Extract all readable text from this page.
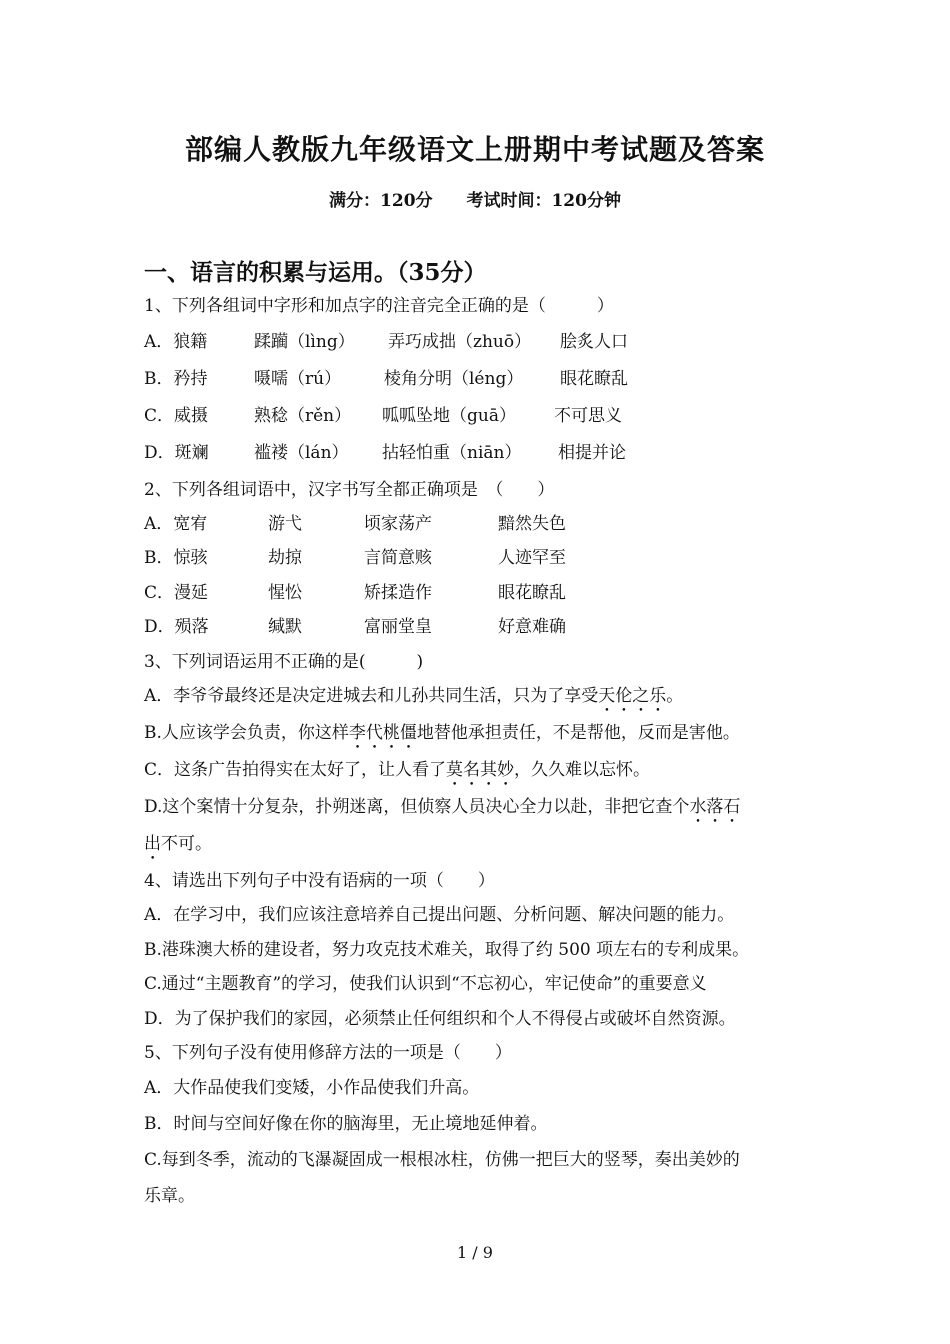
部编人教版九年级语文上册期中考试题及答案
满分：120分 考试时间：120分钟
一、语言的积累与运用。（35分）
1、下列各组词中字形和加点字的注音完全正确的是（　　　）
A．狼籍	蹂躏（lìng） 弄巧成拙（zhuō） 脍炙人口
B．矜持	嗫嚅（rú）	棱角分明（léng） 眼花瞭乱
C．威摄	熟稔（rěn） 呱呱坠地（guā） 不可思义
D．斑斓	褴褛（lán） 拈轻怕重（niān） 相提并论
2、下列各组词语中，汉字书写全都正确项是　（　　）
A．宽宥	游弋	顷家荡产	黯然失色
B．惊骇	劫掠	言简意赅	人迹罕至
C．漫延	惺忪	矫揉造作	眼花瞭乱
D．殒落	缄默	富丽堂皇	好意难确
3、下列词语运用不正确的是(　　　)
A．李爷爷最终还是决定进城去和儿孙共同生活，只为了享受天伦之乐。
B.人应该学会负责，你这样李代桃僵地替他承担责任，不是帮他，反而是害他。
C．这条广告拍得实在太好了，让人看了莫名其妙，久久难以忘怀。
D.这个案情十分复杂，扑朔迷离，但侦察人员决心全力以赴，非把它查个水落石
出不可。
4、请选出下列句子中没有语病的一项（　　）
A．在学习中，我们应该注意培养自己提出问题、分析问题、解决问题的能力。
B.港珠澳大桥的建设者，努力攻克技术难关，取得了约 500 项左右的专利成果。
C.通过“主题教育”的学习，使我们认识到“不忘初心，牢记使命”的重要意义
D．为了保护我们的家园，必须禁止任何组织和个人不得侵占或破坏自然资源。
5、下列句子没有使用修辞方法的一项是（　　）
A．大作品使我们变矮，小作品使我们升高。
B．时间与空间好像在你的脑海里，无止境地延伸着。
C.每到冬季，流动的飞瀑凝固成一根根冰柱，仿佛一把巨大的竖琴，奏出美妙的
乐章。
1 / 9
